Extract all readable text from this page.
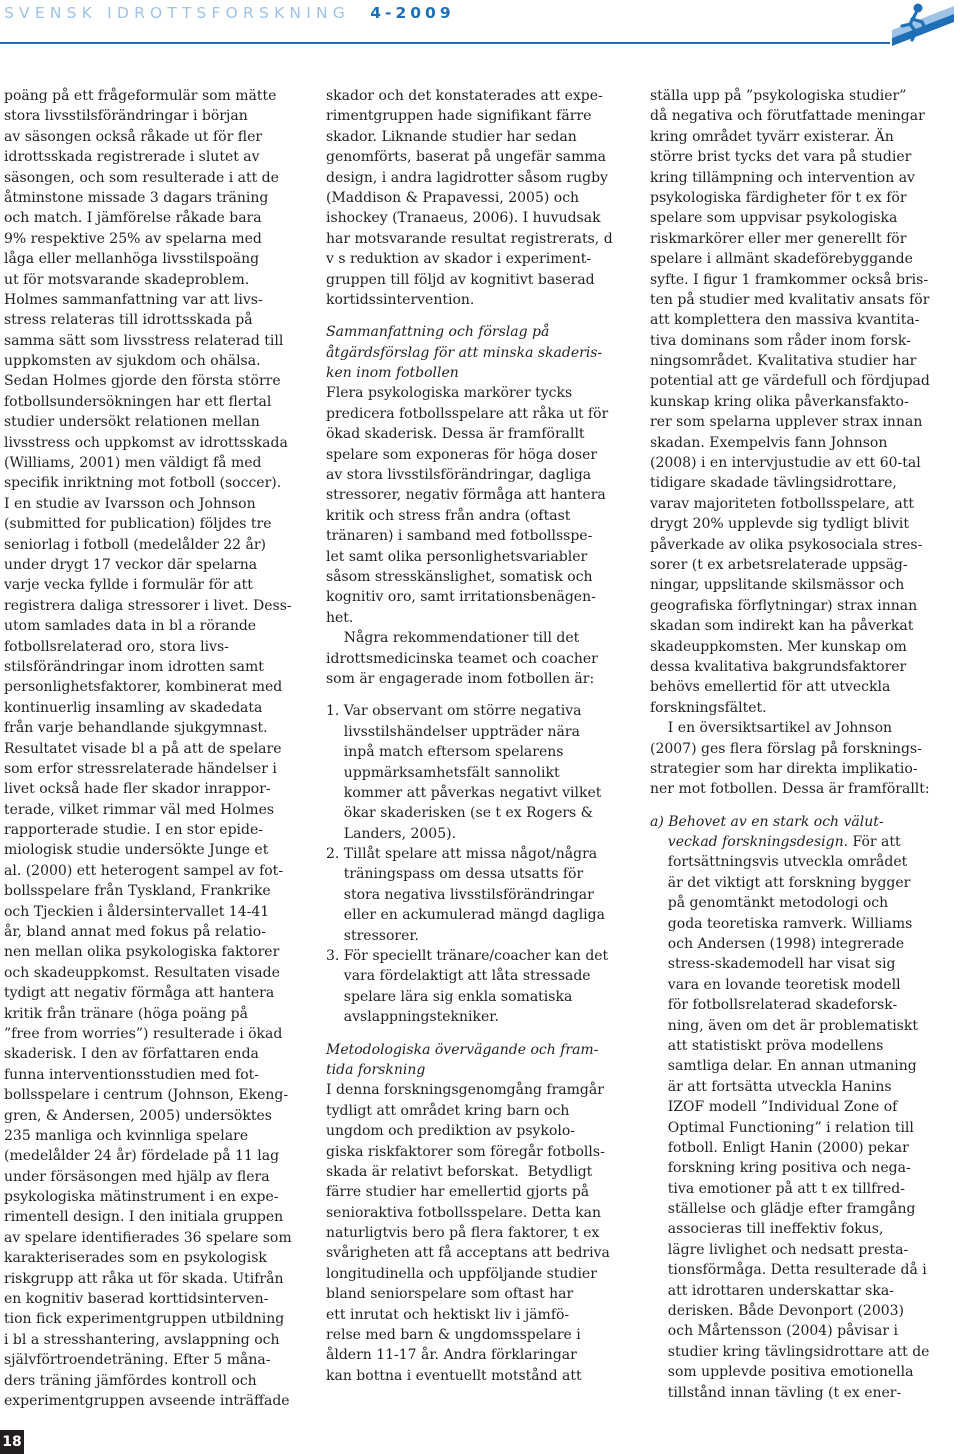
SVENSK IDROTTSFORSKNING 4-2009
poäng på ett frågeformulär som mätte
stora livsstilsförändringar i början
av säsongen också råkade ut för fler
idrottsskada registrerade i slutet av
säsongen, och som resulterade i att de
åtminstone missade 3 dagars träning
och match. I jämförelse råkade bara
9% respektive 25% av spelarna med
låga eller mellanhöga livsstilspoäng
ut för motsvarande skadeproblem.
Holmes sammanfattning var att livs-
stress relateras till idrottsskada på
samma sätt som livsstress relaterad till
uppkomsten av sjukdom och ohälsa.
Sedan Holmes gjorde den första större
fotbollsundersökningen har ett flertal
studier undersökt relationen mellan
livsstress och uppkomst av idrottsskada
(Williams, 2001) men väldigt få med
specifik inriktning mot fotboll (soccer).
I en studie av Ivarsson och Johnson
(submitted for publication) följdes tre
seniorlag i fotboll (medelålder 22 år)
under drygt 17 veckor där spelarna
varje vecka fyllde i formulär för att
registrera daliga stressorer i livet. Dess-
utom samlades data in bl a rörande
fotbollsrelaterad oro, stora livs-
stilsförändringar inom idrotten samt
personlighetsfaktorer, kombinerat med
kontinuerlig insamling av skadedata
från varje behandlande sjukgymnast.
Resultatet visade bl a på att de spelare
som erfor stressrelaterade händelser i
livet också hade fler skador inrappor-
terade, vilket rimmar väl med Holmes
rapporterade studie. I en stor epide-
miologisk studie undersökte Junge et
al. (2000) ett heterogent sampel av fot-
bollsspelare från Tyskland, Frankrike
och Tjeckien i åldersintervallet 14-41
år, bland annat med fokus på relatio-
nen mellan olika psykologiska faktorer
och skadeuppkomst. Resultaten visade
tydigt att negativ förmåga att hantera
kritik från tränare (höga poäng på
”free from worries”) resulterade i ökad
skaderisk. I den av författaren enda
funna interventionsstudien med fot-
bollsspelare i centrum (Johnson, Ekeng-
gren, & Andersen, 2005) undersöktes
235 manliga och kvinnliga spelare
(medelålder 24 år) fördelade på 11 lag
under försäsongen med hjälp av flera
psykologiska mätinstrument i en expe-
rimentell design. I den initiala gruppen
av spelare identifierades 36 spelare som
karakteriserades som en psykologisk
riskgrupp att råka ut för skada. Utifrån
en kognitiv baserad korttidsinterven-
tion fick experimentgruppen utbildning
i bl a stresshantering, avslappning och
självförtroendeträning. Efter 5 måna-
ders träning jämfördes kontroll och
experimentgruppen avseende inträffade
skador och det konstaterades att expe-
rimentgruppen hade signifikant färre
skador. Liknande studier har sedan
genomförts, baserat på ungefär samma
design, i andra lagidrotter såsom rugby
(Maddison & Prapavessi, 2005) och
ishockey (Tranaeus, 2006). I huvudsak
har motsvarande resultat registrerats, d
v s reduktion av skador i experiment-
gruppen till följd av kognitivt baserad
kortidssintervention.
Sammanfattning och förslag på
åtgärdsförslag för att minska skaderis-
ken inom fotbollen
Flera psykologiska markörer tycks
predicera fotbollsspelare att råka ut för
ökad skaderisk. Dessa är framförallt
spelare som exponeras för höga doser
av stora livsstilsförändringar, dagliga
stressorer, negativ förmåga att hantera
kritik och stress från andra (oftast
tränaren) i samband med fotbollsspe-
let samt olika personlighetsvariabler
såsom stresskänslighet, somatisk och
kognitiv oro, samt irritationsbenägen-
het.
Några rekommendationer till det
idrottsmedicinska teamet och coacher
som är engagerade inom fotbollen är:
1. Var observant om större negativa
livsstilshändelser uppträder nära
inpå match eftersom spelarens
uppmärksamhetsfält sannolikt
kommer att påverkas negativt vilket
ökar skaderisken (se t ex Rogers &
Landers, 2005).
2. Tillåt spelare att missa något/några
träningspass om dessa utsatts för
stora negativa livsstilsförändringar
eller en ackumulerad mängd dagliga
stressorer.
3. För speciellt tränare/coacher kan det
vara fördelaktigt att låta stressade
spelare lära sig enkla somatiska
avslappningstekniker.
Metodologiska övervägande och fram-
tida forskning
I denna forskningsgenomgång framgår
tydligt att området kring barn och
ungdom och prediktion av psykolo-
giska riskfaktorer som föregår fotbolls-
skada är relativt beforskat.  Betydligt
färre studier har emellertid gjorts på
senioraktiva fotbollsspelare. Detta kan
naturligtvis bero på flera faktorer, t ex
svårigheten att få acceptans att bedriva
longitudinella och uppföljande studier
bland seniorspelare som oftast har
ett inrutat och hektiskt liv i jämfö-
relse med barn & ungdomsspelare i
åldern 11-17 år. Andra förklaringar
kan bottna i eventuellt motstånd att
ställa upp på ”psykologiska studier”
då negativa och förutfattade meningar
kring området tyvärr existerar. Än
större brist tycks det vara på studier
kring tillämpning och intervention av
psykologiska färdigheter för t ex för
spelare som uppvisar psykologiska
riskmarkörer eller mer generellt för
spelare i allmänt skadeförebyggande
syfte. I figur 1 framkommer också bris-
ten på studier med kvalitativ ansats för
att komplettera den massiva kvantita-
tiva dominans som råder inom forsk-
ningsområdet. Kvalitativa studier har
potential att ge värdefull och fördjupad
kunskap kring olika påverkansfakto-
rer som spelarna upplever strax innan
skadan. Exempelvis fann Johnson
(2008) i en intervjustudie av ett 60-tal
tidigare skadade tävlingsidrottare,
varav majoriteten fotbollsspelare, att
drygt 20% upplevde sig tydligt blivit
påverkade av olika psykosociala stres-
sorer (t ex arbetsrelaterade uppsäg-
ningar, uppslitande skilsmässor och
geografiska förflytningar) strax innan
skadan som indirekt kan ha påverkat
skadeuppkomsten. Mer kunskap om
dessa kvalitativa bakgrundsfaktorer
behövs emellertid för att utveckla
forskningsfältet.
I en översiktsartikel av Johnson
(2007) ges flera förslag på forsknings-
strategier som har direkta implikatio-
ner mot fotbollen. Dessa är framförallt:
a) Behovet av en stark och välut-
veckad forskningsdesign. För att
fortsättningsvis utveckla området
är det viktigt att forskning bygger
på genomtänkt metodologi och
goda teoretiska ramverk. Williams
och Andersen (1998) integrerade
stress-skademodell har visat sig
vara en lovande teoretisk modell
för fotbollsrelaterad skadeforsk-
ning, även om det är problematiskt
att statistiskt pröva modellens
samtliga delar. En annan utmaning
är att fortsätta utveckla Hanins
IZOF modell ”Individual Zone of
Optimal Functioning” i relation till
fotboll. Enligt Hanin (2000) pekar
forskning kring positiva och nega-
tiva emotioner på att t ex tillfred-
ställelse och glädje efter framgång
associeras till ineffektiv fokus,
lägre livlighet och nedsatt presta-
tionsförmåga. Detta resulterade då i
att idrottaren underskattar ska-
derisken. Både Devonport (2003)
och Mårtensson (2004) påvisar i
studier kring tävlingsidrottare att de
som upplevde positiva emotionella
tillstånd innan tävling (t ex ener-
18
